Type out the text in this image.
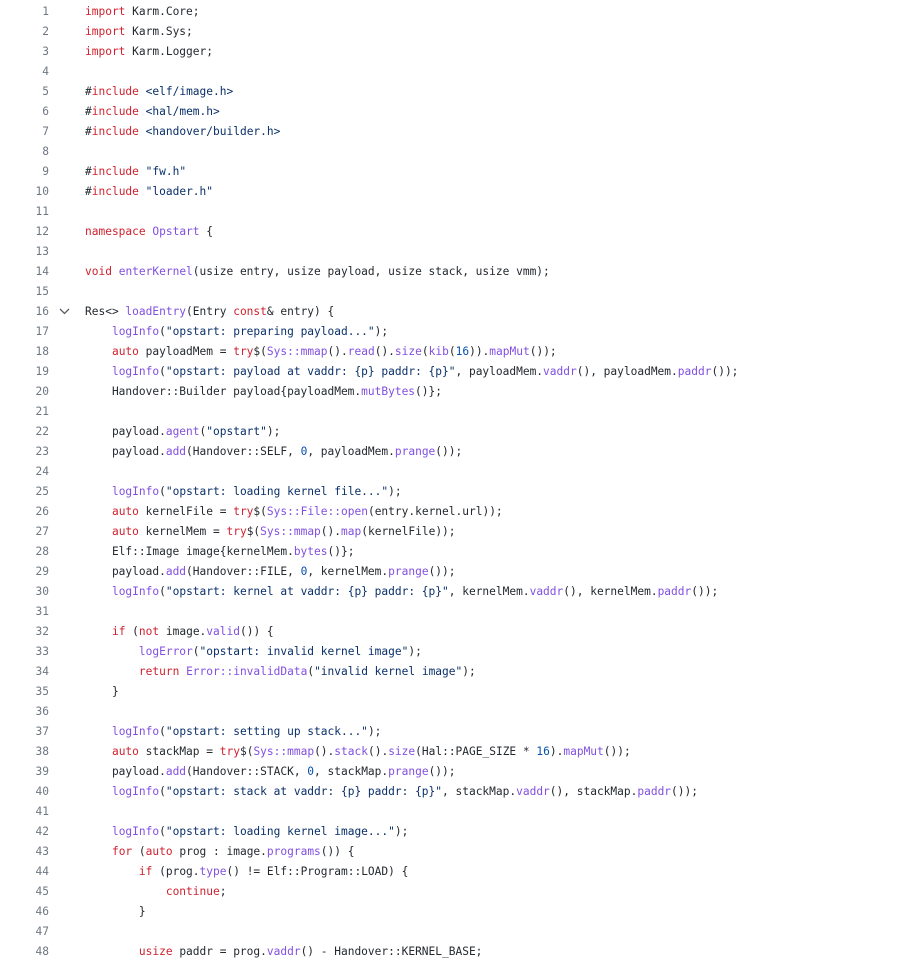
1	import Karm.Core;
2	import Karm.Sys;
3	import Karm.Logger;
4
5	#include <elf/image.h>
6	#include <hal/mem.h>
7	#include <handover/builder.h>
8
9	#include "fw.h"
10	#include "loader.h"
11
12	namespace Opstart {
13
14	void enterKernel(usize entry, usize payload, usize stack, usize vmm);
15
16	Res<> loadEntry(Entry const& entry) {
17	logInfo("opstart: preparing payload...");
18	auto payloadMem = try$(Sys::mmap().read().size(kib(16)).mapMut());
19	logInfo("opstart: payload at vaddr: {p} paddr: {p}", payloadMem.vaddr(), payloadMem.paddr());
20	Handover::Builder payload{payloadMem.mutBytes()};
21
22	payload.agent("opstart");
23	payload.add(Handover::SELF, 0, payloadMem.prange());
24
25	logInfo("opstart: loading kernel file...");
26	auto kernelFile = try$(Sys::File::open(entry.kernel.url));
27	auto kernelMem = try$(Sys::mmap().map(kernelFile));
28	Elf::Image image{kernelMem.bytes()};
29	payload.add(Handover::FILE, 0, kernelMem.prange());
30	logInfo("opstart: kernel at vaddr: {p} paddr: {p}", kernelMem.vaddr(), kernelMem.paddr());
31
32	if (not image.valid()) {
33	logError("opstart: invalid kernel image");
34	return Error::invalidData("invalid kernel image");
35	}
36
37	logInfo("opstart: setting up stack...");
38	auto stackMap = try$(Sys::mmap().stack().size(Hal::PAGE_SIZE * 16).mapMut());
39	payload.add(Handover::STACK, 0, stackMap.prange());
40	logInfo("opstart: stack at vaddr: {p} paddr: {p}", stackMap.vaddr(), stackMap.paddr());
41
42	logInfo("opstart: loading kernel image...");
43	for (auto prog : image.programs()) {
44	if (prog.type() != Elf::Program::LOAD) {
45	continue;
46	}
47
48	usize paddr = prog.vaddr() - Handover::KERNEL_BASE;
